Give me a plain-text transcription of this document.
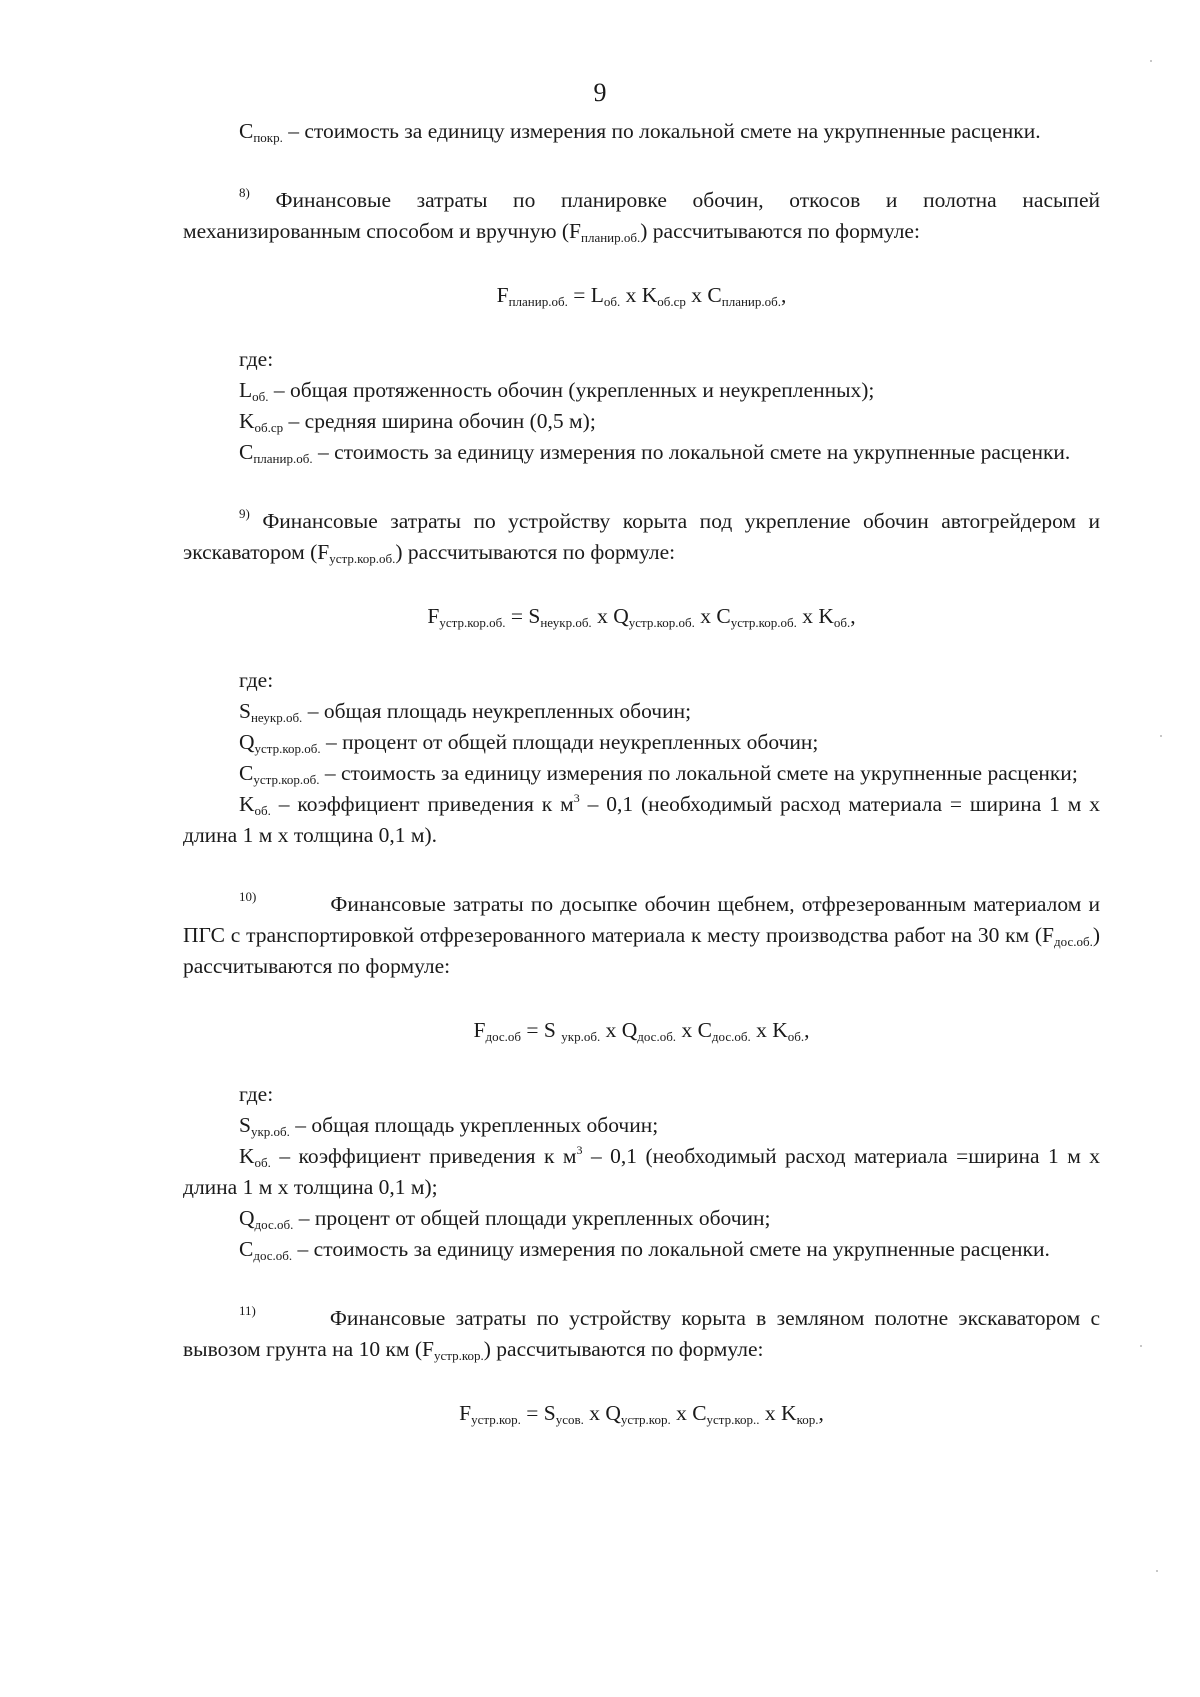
9

$C_{покр.}$ – стоимость за единицу измерения по локальной смете на укрупненные расценки.

$^{8)}$ Финансовые затраты по планировке обочин, откосов и полотна насыпей механизированным способом и вручную $(F_{планир.об.})$ рассчитываются по формуле:

$F_{планир.об.} = L_{об.}$ x $K_{об.ср}$ x $C_{планир.об.}$,

где:

$L_{об.}$ – общая протяженность обочин (укрепленных и неукрепленных);

$K_{об.ср}$ – средняя ширина обочин (0,5 м);

$C_{планир.об.}$ – стоимость за единицу измерения по локальной смете на укрупненные расценки.

$^{9)}$ Финансовые затраты по устройству корыта под укрепление обочин автогрейдером и экскаватором $(F_{устр.кор.об.})$ рассчитываются по формуле:

$F_{устр.кор.об.} = S_{неукр.об.}$ x $Q_{устр.кор.об.}$ x $C_{устр.кор.об.}$ x $K_{об.}$,

где:

$S_{неукр.об.}$ – общая площадь неукрепленных обочин;

$Q_{устр.кор.об.}$ – процент от общей площади неукрепленных обочин;

$C_{устр.кор.об.}$ – стоимость за единицу измерения по локальной смете на укрупненные расценки;

$K_{об.}$ – коэффициент приведения к $м^3 - 0,1$ (необходимый расход материала = ширина 1 м х длина 1 м х толщина 0,1 м).

$^{10)}$	Финансовые затраты по досыпке обочин щебнем, отфрезерованным материалом и ПГС с транспортировкой отфрезерованного материала к месту производства работ на 30 км $(F_{дос.об.})$ рассчитываются по формуле:

$F_{дос.об} = S$ $_{укр.об.}$ x $Q_{дос.об.}$ x $C_{дос.об.}$ x $K_{об.}$,

где:

$S_{укр.об.}$ – общая площадь укрепленных обочин;

$K_{об.}$ – коэффициент приведения к $м^3 - 0,1$ (необходимый расход материала =ширина 1 м х длина 1 м х толщина 0,1 м);

$Q_{дос.об.}$ – процент от общей площади укрепленных обочин;

$C_{дос.об.}$ – стоимость за единицу измерения по локальной смете на укрупненные расценки.

$^{11)}$	Финансовые затраты по устройству корыта в земляном полотне экскаватором с вывозом грунта на 10 км $(F_{устр.кор.})$ рассчитываются по формуле:

$F_{устр.кор.} = S_{усов.}$ x $Q_{устр.кор.}$ x $C_{устр.кор..}$ x $K_{кор.}$,
